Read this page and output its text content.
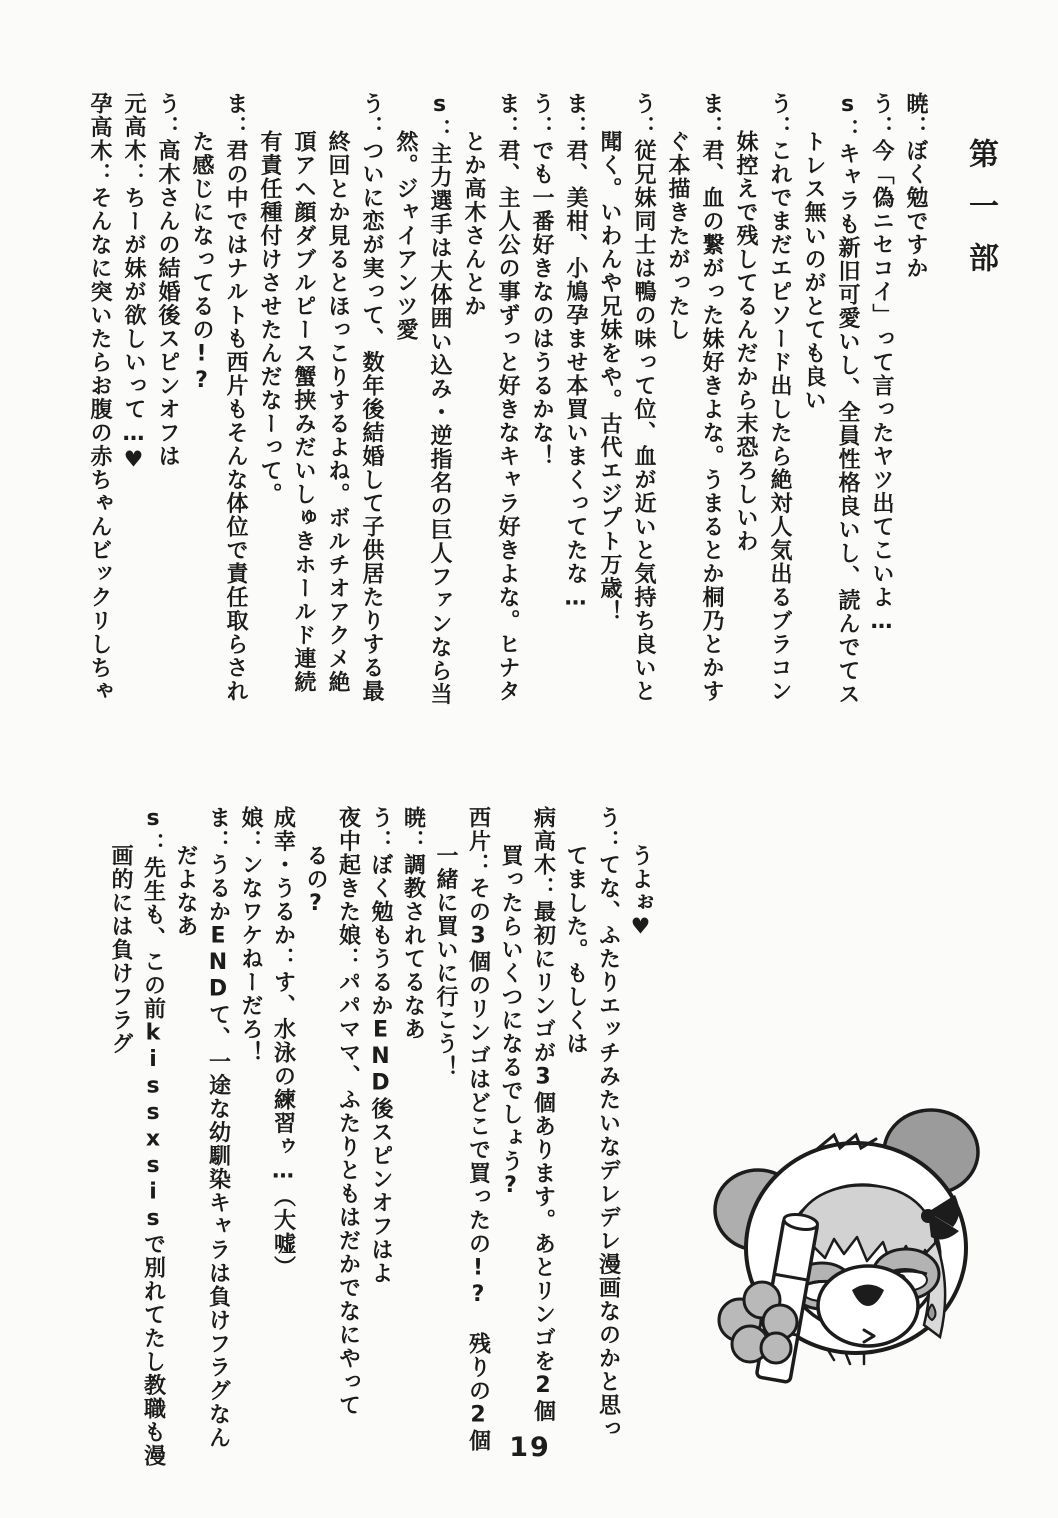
第一部
暁：ぼく勉ですか
う：今「偽ニセコイ」って言ったヤツ出てこいよ…
s：キャラも新旧可愛いし、全員性格良いし、読んでてス
トレス無いのがとても良い
う：これでまだエピソード出したら絶対人気出るブラコン
妹控えで残してるんだから末恐ろしいわ
ま：君、血の繋がった妹好きよな。うまるとか桐乃とかす
ぐ本描きたがったし
う：従兄妹同士は鴨の味って位、血が近いと気持ち良いと
聞く。いわんや兄妹をや。古代エジプト万歳！
ま：君、美柑、小鳩孕ませ本買いまくってたな…
う：でも一番好きなのはうるかな！
ま：君、主人公の事ずっと好きなキャラ好きよな。ヒナタ
とか高木さんとか
s：主力選手は大体囲い込み・逆指名の巨人ファンなら当
然。ジャイアンツ愛
う：ついに恋が実って、数年後結婚して子供居たりする最
終回とか見るとほっこりするよね。ボルチオアクメ絶
頂アヘ顔ダブルピース蟹挟みだいしゅきホールド連続
有責任種付けさせたんだなーって。
ま：君の中ではナルトも西片もそんな体位で責任取らされ
た感じになってるの!?
う：高木さんの結婚後スピンオフは
元高木：ちーが妹が欲しいって…♥
孕高木：そんなに突いたらお腹の赤ちゃんビックリしちゃ
うよぉ♥
う：てな、ふたりエッチみたいなデレデレ漫画なのかと思っ
てました。もしくは
病高木：最初にリンゴが3個あります。あとリンゴを2個
買ったらいくつになるでしょう?
西片：その3個のリンゴはどこで買ったの!?　残りの2個
一緒に買いに行こう！
暁：調教されてるなあ
う：ぼく勉もうるかEND後スピンオフはよ
夜中起きた娘：パパママ、ふたりともはだかでなにやって
るの?
成幸・うるか：す、水泳の練習ゥ…（大嘘）
娘：ンなワケねーだろ！
ま：うるかENDて、一途な幼馴染キャラは負けフラグなん
だよなあ
s：先生も、この前kissxsisで別れてたし教職も漫
画的には負けフラグ
19
